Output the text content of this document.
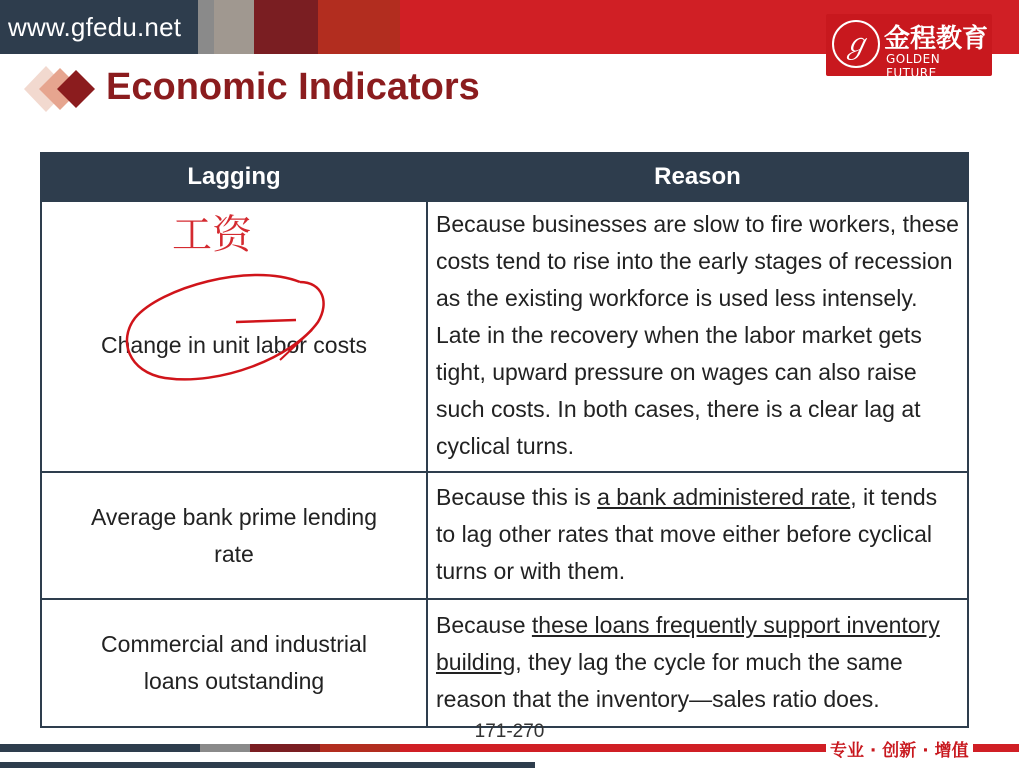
www.gfedu.net	ℊ 金程教育
GOLDEN FUTURE
Economic Indicators
Lagging	Reason
Change in unit labor costs	Because businesses are slow to fire workers, these costs tend to rise into the early stages of recession as the existing workforce is used less intensely. Late in the recovery when the labor market gets tight, upward pressure on wages can also raise such costs. In both cases, there is a clear lag at cyclical turns.
Average bank prime lending rate	Because this is a bank administered rate, it tends to lag other rates that move either before cyclical turns or with them.
Commercial and industrial loans outstanding	Because these loans frequently support inventory building, they lag the cycle for much the same reason that the inventory—sales ratio does.
工资
171-270
专业 · 创新 · 增值
